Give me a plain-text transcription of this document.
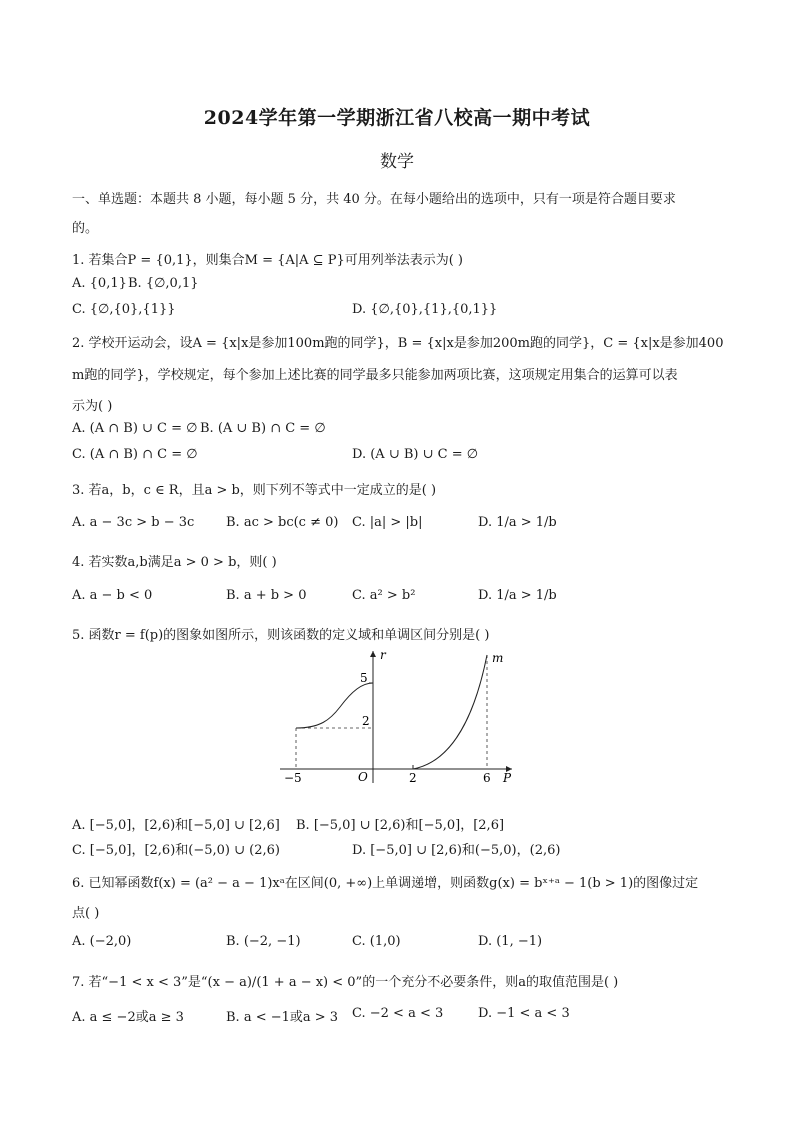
2024学年第一学期浙江省八校高一期中考试
数学
一、单选题：本题共 8 小题，每小题 5 分，共 40 分。在每小题给出的选项中，只有一项是符合题目要求
的。
1. 若集合P = {0,1}，则集合M = {A|A ⊆ P}可用列举法表示为( )
A. {0,1} B. {∅,0,1}
C. {∅,{0},{1}}	D. {∅,{0},{1},{0,1}}
2. 学校开运动会，设A = {x|x是参加100m跑的同学}，B = {x|x是参加200m跑的同学}，C = {x|x是参加400
m跑的同学}，学校规定，每个参加上述比赛的同学最多只能参加两项比赛，这项规定用集合的运算可以表
示为( )
A. (A ∩ B) ∪ C = ∅ B. (A ∪ B) ∩ C = ∅
C. (A ∩ B) ∩ C = ∅	D. (A ∪ B) ∪ C = ∅
3. 若a，b，c ∈ R，且a > b，则下列不等式中一定成立的是( )
A. a − 3c > b − 3c B. ac > bc(c ≠ 0) C. |a| > |b|	D. 1/a > 1/b
4. 若实数a,b满足a > 0 > b，则( )
A. a − b < 0	B. a + b > 0	C. a² > b²	D. 1/a > 1/b
5. 函数r = f(p)的图象如图所示，则该函数的定义域和单调区间分别是( )
r	m
5
2
−5	O	2	6 P
A. [−5,0]，[2,6)和[−5,0] ∪ [2,6] B. [−5,0] ∪ [2,6)和[−5,0]，[2,6]
C. [−5,0]，[2,6)和(−5,0) ∪ (2,6)	D. [−5,0] ∪ [2,6)和(−5,0)，(2,6)
6. 已知幂函数f(x) = (a² − a − 1)xᵃ在区间(0, +∞)上单调递增，则函数g(x) = bˣ⁺ᵃ − 1(b > 1)的图像过定
点( )
A. (−2,0)	B. (−2, −1)	C. (1,0)	D. (1, −1)
7. 若“−1 < x < 3”是“(x − a)/(1 + a − x) < 0”的一个充分不必要条件，则a的取值范围是( )
A. a ≤ −2或a ≥ 3	B. a < −1或a > 3 C. −2 < a < 3	D. −1 < a < 3
